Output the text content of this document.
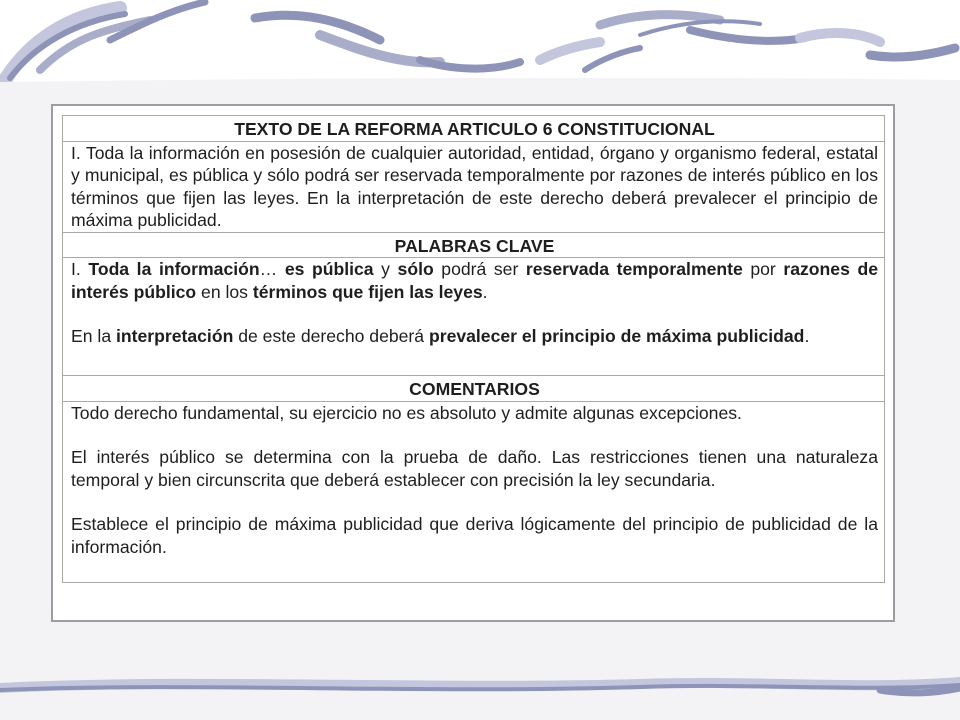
TEXTO DE LA REFORMA ARTICULO 6 CONSTITUCIONAL
I. Toda la información en posesión de cualquier autoridad, entidad, órgano y organismo federal, estatal y municipal, es pública y sólo podrá ser reservada temporalmente por razones de interés público en los términos que fijen las leyes. En la interpretación de este derecho deberá prevalecer el principio de máxima publicidad.
PALABRAS CLAVE

I. Toda la información… es pública y sólo podrá ser reservada temporalmente por razones de interés público en los términos que fijen las leyes.
En la interpretación de este derecho deberá prevalecer el principio de máxima publicidad.

COMENTARIOS

Todo derecho fundamental, su ejercicio no es absoluto y admite algunas excepciones.
El interés público se determina con la prueba de daño. Las restricciones tienen una naturaleza temporal y bien circunscrita que deberá establecer con precisión la ley secundaria.
Establece el principio de máxima publicidad que deriva lógicamente del principio de publicidad de la información.
